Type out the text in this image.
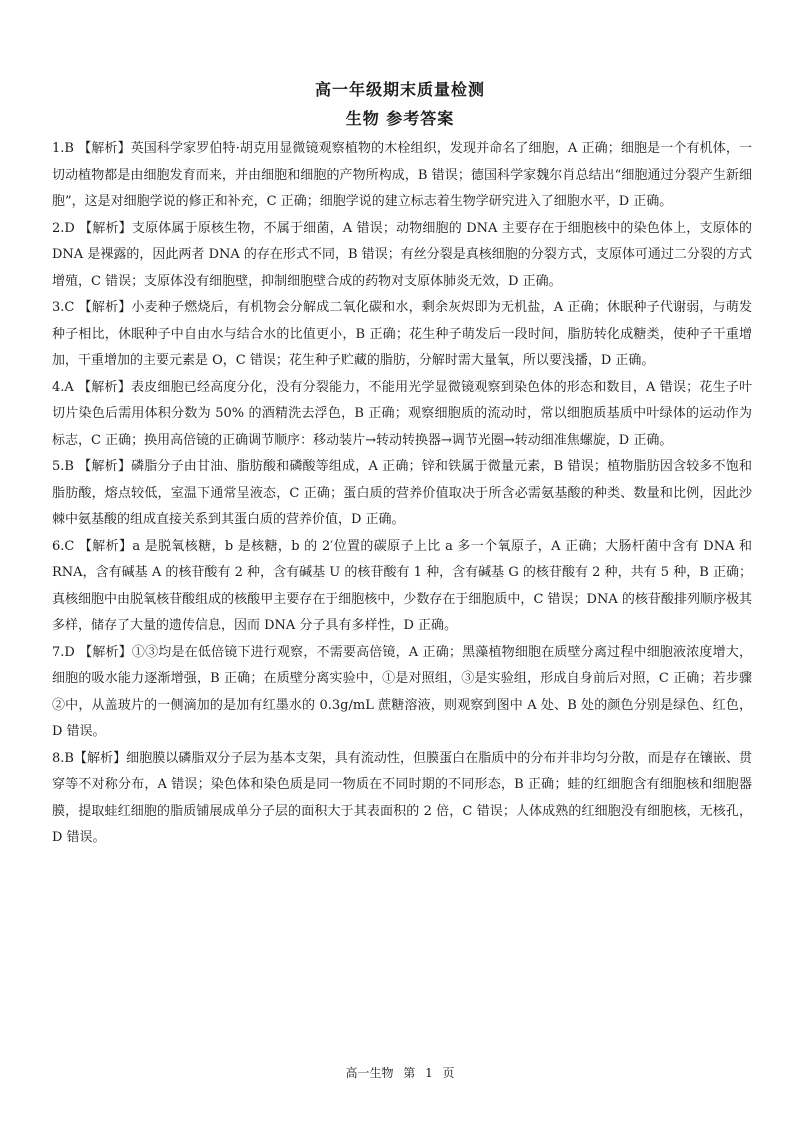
高一年级期末质量检测
生物 参考答案

1.B 【解析】英国科学家罗伯特·胡克用显微镜观察植物的木栓组织，发现并命名了细胞，A 正确；细胞是一个有机体，一切动植物都是由细胞发育而来，并由细胞和细胞的产物所构成，B 错误；德国科学家魏尔肖总结出“细胞通过分裂产生新细胞”，这是对细胞学说的修正和补充，C 正确；细胞学说的建立标志着生物学研究进入了细胞水平，D 正确。

2.D 【解析】支原体属于原核生物，不属于细菌，A 错误；动物细胞的 DNA 主要存在于细胞核中的染色体上，支原体的 DNA 是裸露的，因此两者 DNA 的存在形式不同，B 错误；有丝分裂是真核细胞的分裂方式，支原体可通过二分裂的方式增殖，C 错误；支原体没有细胞壁，抑制细胞壁合成的药物对支原体肺炎无效，D 正确。

3.C 【解析】小麦种子燃烧后，有机物会分解成二氧化碳和水，剩余灰烬即为无机盐，A 正确；休眠种子代谢弱，与萌发种子相比，休眠种子中自由水与结合水的比值更小，B 正确；花生种子萌发后一段时间，脂肪转化成糖类，使种子干重增加，干重增加的主要元素是 O，C 错误；花生种子贮藏的脂肪，分解时需大量氧，所以要浅播，D 正确。

4.A 【解析】表皮细胞已经高度分化，没有分裂能力，不能用光学显微镜观察到染色体的形态和数目，A 错误；花生子叶切片染色后需用体积分数为 50% 的酒精洗去浮色，B 正确；观察细胞质的流动时，常以细胞质基质中叶绿体的运动作为标志，C 正确；换用高倍镜的正确调节顺序：移动装片→转动转换器→调节光圈→转动细准焦螺旋，D 正确。

5.B 【解析】磷脂分子由甘油、脂肪酸和磷酸等组成，A 正确；锌和铁属于微量元素，B 错误；植物脂肪因含较多不饱和脂肪酸，熔点较低，室温下通常呈液态，C 正确；蛋白质的营养价值取决于所含必需氨基酸的种类、数量和比例，因此沙棘中氨基酸的组成直接关系到其蛋白质的营养价值，D 正确。

6.C 【解析】a 是脱氧核糖，b 是核糖，b 的 2′位置的碳原子上比 a 多一个氧原子，A 正确；大肠杆菌中含有 DNA 和 RNA，含有碱基 A 的核苷酸有 2 种，含有碱基 U 的核苷酸有 1 种，含有碱基 G 的核苷酸有 2 种，共有 5 种，B 正确；真核细胞中由脱氧核苷酸组成的核酸甲主要存在于细胞核中，少数存在于细胞质中，C 错误；DNA 的核苷酸排列顺序极其多样，储存了大量的遗传信息，因而 DNA 分子具有多样性，D 正确。

7.D 【解析】①③均是在低倍镜下进行观察，不需要高倍镜，A 正确；黑藻植物细胞在质壁分离过程中细胞液浓度增大，细胞的吸水能力逐渐增强，B 正确；在质壁分离实验中，①是对照组，③是实验组，形成自身前后对照，C 正确；若步骤②中，从盖玻片的一侧滴加的是加有红墨水的 0.3g/mL 蔗糖溶液，则观察到图中 A 处、B 处的颜色分别是绿色、红色，D 错误。

8.B【解析】细胞膜以磷脂双分子层为基本支架，具有流动性，但膜蛋白在脂质中的分布并非均匀分散，而是存在镶嵌、贯穿等不对称分布，A 错误；染色体和染色质是同一物质在不同时期的不同形态，B 正确；蛙的红细胞含有细胞核和细胞器膜，提取蛙红细胞的脂质铺展成单分子层的面积大于其表面积的 2 倍，C 错误；人体成熟的红细胞没有细胞核，无核孔，D 错误。

高一生物 第 1 页
